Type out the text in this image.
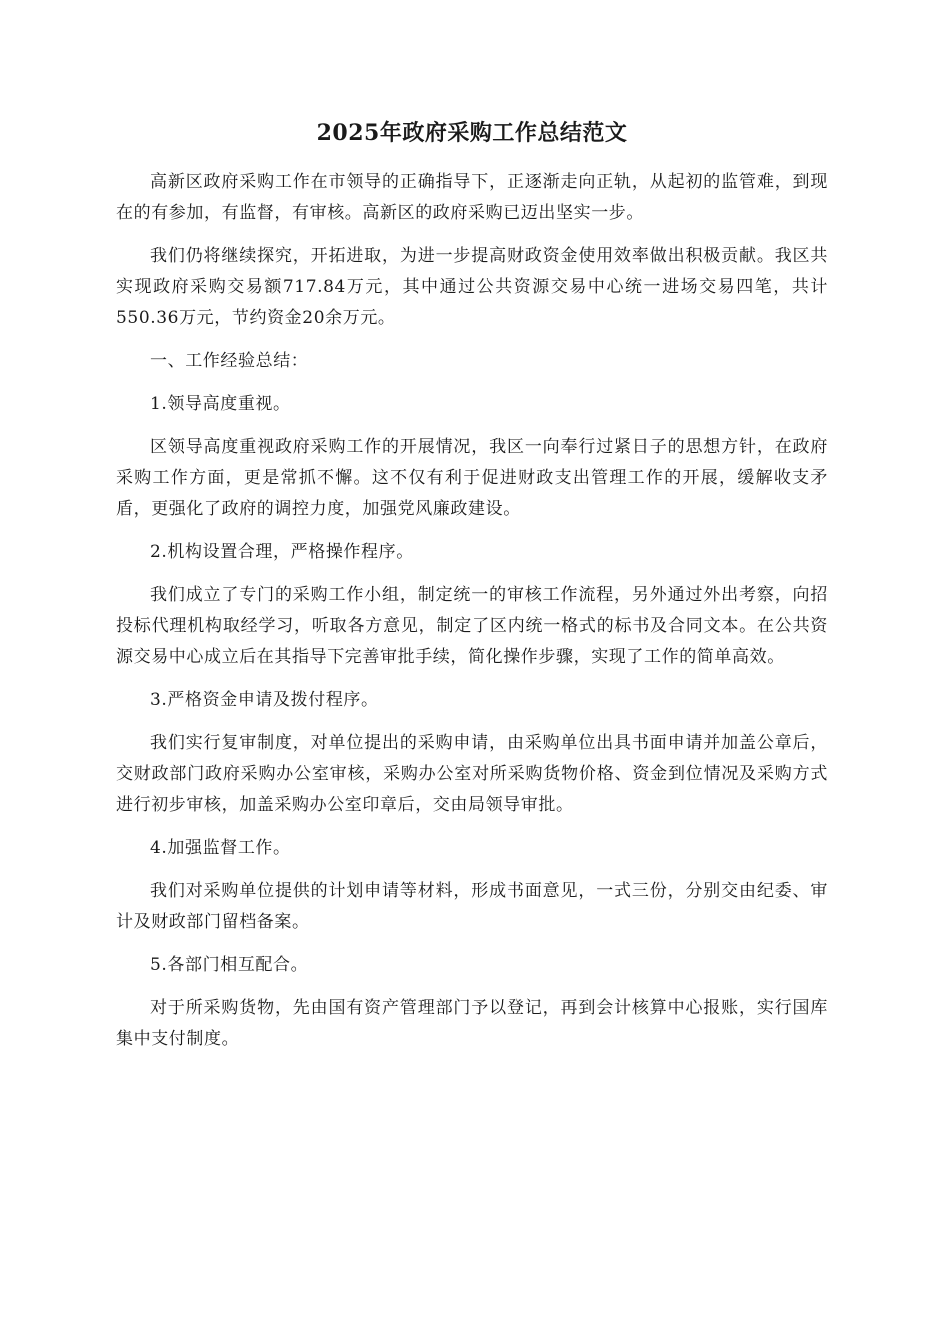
2025年政府采购工作总结范文

高新区政府采购工作在市领导的正确指导下，正逐渐走向正轨，从起初的监管难，到现在的有参加，有监督，有审核。高新区的政府采购已迈出坚实一步。

我们仍将继续探究，开拓进取，为进一步提高财政资金使用效率做出积极贡献。我区共实现政府采购交易额717.84万元，其中通过公共资源交易中心统一进场交易四笔，共计550.36万元，节约资金20余万元。

一、工作经验总结：

1.领导高度重视。

区领导高度重视政府采购工作的开展情况，我区一向奉行过紧日子的思想方针，在政府采购工作方面，更是常抓不懈。这不仅有利于促进财政支出管理工作的开展，缓解收支矛盾，更强化了政府的调控力度，加强党风廉政建设。

2.机构设置合理，严格操作程序。

我们成立了专门的采购工作小组，制定统一的审核工作流程，另外通过外出考察，向招投标代理机构取经学习，听取各方意见，制定了区内统一格式的标书及合同文本。在公共资源交易中心成立后在其指导下完善审批手续，简化操作步骤，实现了工作的简单高效。

3.严格资金申请及拨付程序。

我们实行复审制度，对单位提出的采购申请，由采购单位出具书面申请并加盖公章后，交财政部门政府采购办公室审核，采购办公室对所采购货物价格、资金到位情况及采购方式进行初步审核，加盖采购办公室印章后，交由局领导审批。

4.加强监督工作。

我们对采购单位提供的计划申请等材料，形成书面意见，一式三份，分别交由纪委、审计及财政部门留档备案。

5.各部门相互配合。

对于所采购货物，先由国有资产管理部门予以登记，再到会计核算中心报账，实行国库集中支付制度。
